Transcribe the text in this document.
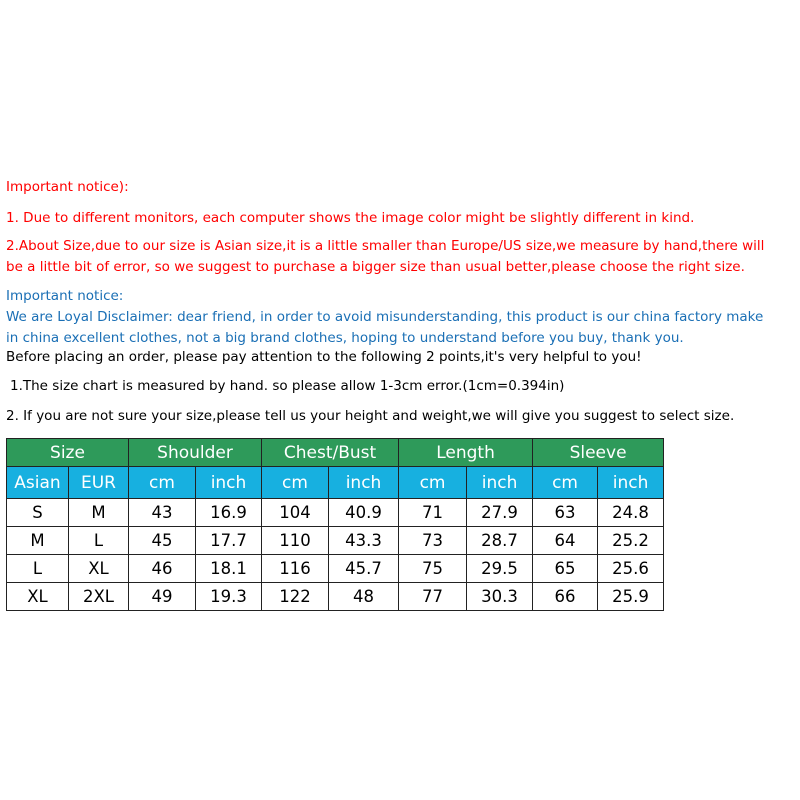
Important notice):

1. Due to different monitors, each computer shows the image color might be slightly different in kind.

2.About Size,due to our size is Asian size,it is a little smaller than Europe/US size,we measure by hand,there will
be a little bit of error, so we suggest to purchase a bigger size than usual better,please choose the right size.

Important notice:
We are Loyal Disclaimer: dear friend, in order to avoid misunderstanding, this product is our china factory make
in china excellent clothes, not a big brand clothes, hoping to understand before you buy, thank you.

Before placing an order, please pay attention to the following 2 points,it's very helpful to you!

1.The size chart is measured by hand. so please allow 1-3cm error.(1cm=0.394in)

2. If you are not sure your size,please tell us your height and weight,we will give you suggest to select size.

Size		Shoulder		Chest/Bust		Length		Sleeve	
Asian	EUR	cm	inch	cm	inch	cm	inch	cm	inch
S	M	43	16.9	104	40.9	71	27.9	63	24.8
M	L	45	17.7	110	43.3	73	28.7	64	25.2
L	XL	46	18.1	116	45.7	75	29.5	65	25.6
XL	2XL	49	19.3	122	48	77	30.3	66	25.9
